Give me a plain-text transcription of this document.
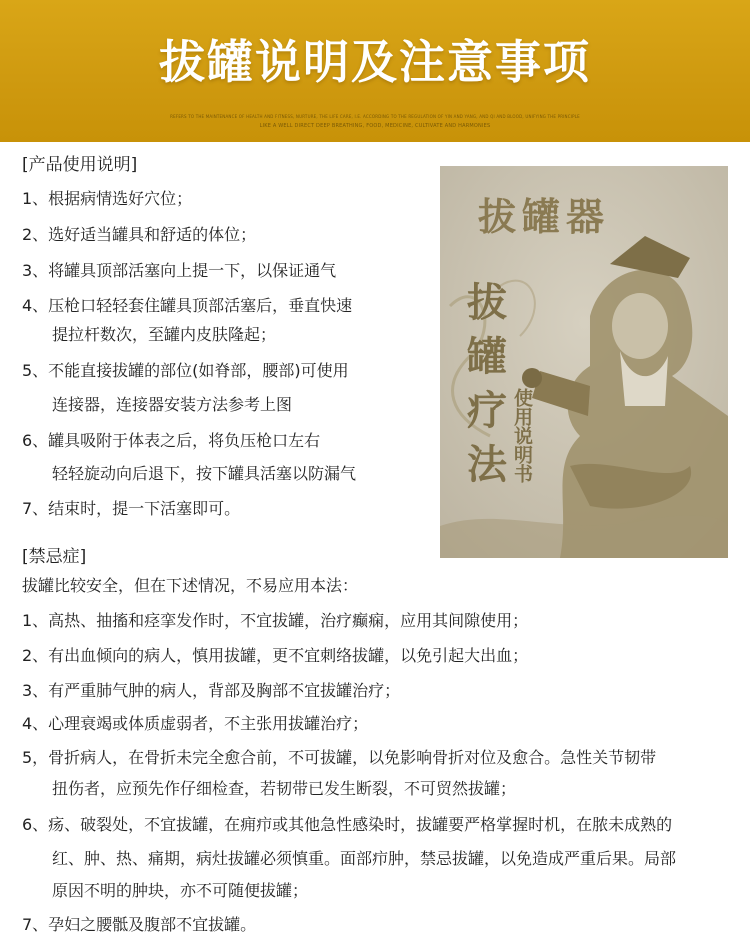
拔罐说明及注意事项
REFERS TO THE MAINTENANCE OF HEALTH AND FITNESS, NURTURE, THE LIFE CARE, I.E. ACCORDING TO THE REGULATION OF YIN AND YANG, AND QI AND BLOOD, UNIFYING THE PRINCIPLE
LIKE A WELL DIRECT DEEP BREATHING, FOOD, MEDICINE, CULTIVATE AND HARMONIES
[产品使用说明]
1、根据病情选好穴位；
2、选好适当罐具和舒适的体位；
3、将罐具顶部活塞向上提一下，以保证通气
4、压枪口轻轻套住罐具顶部活塞后，垂直快速
提拉杆数次，至罐内皮肤隆起；
5、不能直接拔罐的部位(如脊部，腰部)可使用
连接器，连接器安装方法参考上图
6、罐具吸附于体表之后，将负压枪口左右
轻轻旋动向后退下，按下罐具活塞以防漏气
7、结束时，提一下活塞即可。
拔罐器
拔
罐
疗
法 使用说明书
[禁忌症]
拔罐比较安全，但在下述情况，不易应用本法：
1、高热、抽搐和痉挛发作时，不宜拔罐，治疗癫痫，应用其间隙使用；
2、有出血倾向的病人，慎用拔罐，更不宜刺络拔罐，以免引起大出血；
3、有严重肺气肿的病人，背部及胸部不宜拔罐治疗；
4、心理衰竭或体质虚弱者，不主张用拔罐治疗；
5，骨折病人，在骨折未完全愈合前，不可拔罐，以免影响骨折对位及愈合。急性关节韧带
扭伤者，应预先作仔细检查，若韧带已发生断裂，不可贸然拔罐；
6、疡、破裂处，不宜拔罐，在痈疖或其他急性感染时，拔罐要严格掌握时机，在脓未成熟的
红、肿、热、痛期，病灶拔罐必须慎重。面部疖肿，禁忌拔罐，以免造成严重后果。局部
原因不明的肿块，亦不可随便拔罐；
7、孕妇之腰骶及腹部不宜拔罐。
